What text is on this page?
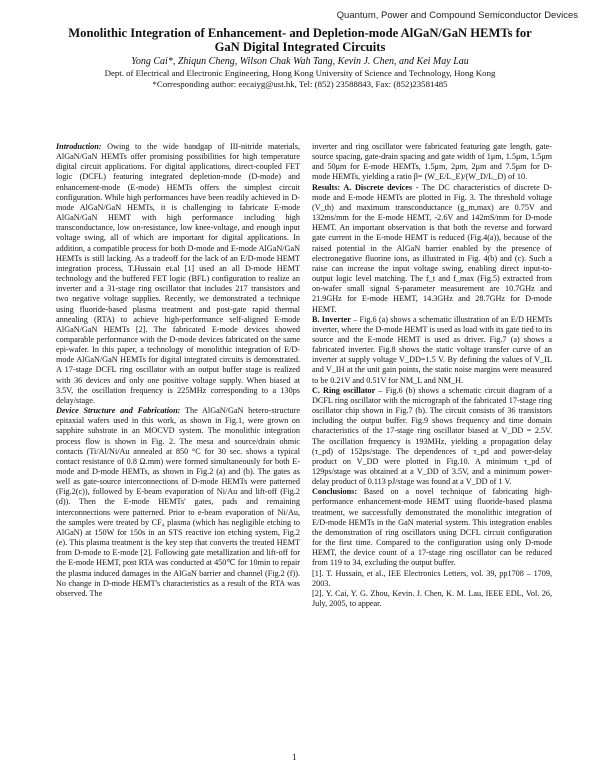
Quantum, Power and Compound Semiconductor Devices
Monolithic Integration of Enhancement- and Depletion-mode AlGaN/GaN HEMTs for
GaN Digital Integrated Circuits
Yong Cai*, Zhiqun Cheng, Wilson Chak Wah Tang, Kevin J. Chen, and Kei May Lau
Dept. of Electrical and Electronic Engineering, Hong Kong University of Science and Technology, Hong Kong
*Corresponding author: eecaiyg@ust.hk, Tel: (852) 23588843, Fax: (852)23581485

Introduction: Owing to the wide bandgap of III-nitride materials, AlGaN/GaN HEMTs offer promising possibilities for high temperature digital circuit applications. For digital applications, direct-coupled FET logic (DCFL) featuring integrated depletion-mode (D-mode) and enhancement-mode (E-mode) HEMTs offers the simplest circuit configuration. While high performances have been readily achieved in D-mode AlGaN/GaN HEMTs, it is challenging to fabricate E-mode AlGaN/GaN HEMT with high performance including high transconductance, low on-resistance, low knee-voltage, and enough input voltage swing, all of which are important for digital applications. In addition, a compatible process for both D-mode and E-mode AlGaN/GaN HEMTs is still lacking. As a tradeoff for the lack of an E/D-mode HEMT integration process, T.Hussain et.al [1] used an all D-mode HEMT technology and the buffered FET logic (BFL) configuration to realize an inverter and a 31-stage ring oscillator that includes 217 transistors and two negative voltage supplies. Recently, we demonstrated a technique using fluoride-based plasma treatment and post-gate rapid thermal annealing (RTA) to achieve high-performance self-aligned E-mode AlGaN/GaN HEMTs [2]. The fabricated E-mode devices showed comparable performance with the D-mode devices fabricated on the same epi-wafer. In this paper, a technology of monolithic integration of E/D-mode AlGaN/GaN HEMTs for digital integrated circuits is demonstrated. A 17-stage DCFL ring oscillator with an output buffer stage is realized with 36 devices and only one positive voltage supply. When biased at 3.5V, the oscillation frequency is 225MHz corresponding to a 130ps delay/stage.

Device Structure and Fabrication: The AlGaN/GaN hetero-structure epitaxial wafers used in this work, as shown in Fig.1, were grown on sapphire substrate in an MOCVD system. The monolithic integration process flow is shown in Fig. 2. The mesa and source/drain ohmic contacts (Ti/Al/Ni/Au annealed at 850 °C for 30 sec. shows a typical contact resistance of 0.8 Ω.mm) were formed simultaneously for both E-mode and D-mode HEMTs, as shown in Fig.2 (a) and (b). The gates as well as gate-source interconnections of D-mode HEMTs were patterned (Fig.2(c)), followed by E-beam evaporation of Ni/Au and lift-off (Fig.2 (d)). Then the E-mode HEMTs' gates, pads and remaining interconnections were patterned. Prior to e-beam evaporation of Ni/Au, the samples were treated by CF₄ plasma (which has negligible etching to AlGaN) at 150W for 150s in an STS reactive ion etching system, Fig.2 (e). This plasma treatment is the key step that converts the treated HEMT from D-mode to E-mode [2]. Following gate metallization and lift-off for the E-mode HEMT, post RTA was conducted at 450℃ for 10min to repair the plasma induced damages in the AlGaN barrier and channel (Fig.2 (f)). No change in D-mode HEMT's characteristics as a result of the RTA was observed. The

inverter and ring oscillator were fabricated featuring gate length, gate-source spacing, gate-drain spacing and gate width of 1μm, 1.5μm, 1.5μm and 50μm for E-mode HEMTs, 1.5μm, 2μm, 2μm and 7.5μm for D-mode HEMTs, yielding a ratio β= (W_E/L_E)/(W_D/L_D) of 10.

Results: A. Discrete devices - The DC characteristics of discrete D-mode and E-mode HEMTs are plotted in Fig. 3. The threshold voltage (V_th) and maximum transconductance (g_m,max) are 0.75V and 132ms/mm for the E-mode HEMT, -2.6V and 142mS/mm for D-mode HEMT. An important observation is that both the reverse and forward gate current in the E-mode HEMT is reduced (Fig.4(a)), because of the raised potential in the AlGaN barrier enabled by the presence of electronegative fluorine ions, as illustrated in Fig. 4(b) and (c). Such a raise can increase the input voltage swing, enabling direct input-to-output logic level matching. The f_t and f_max (Fig.5) extracted from on-wafer small signal S-parameter measurement are 10.7GHz and 21.9GHz for E-mode HEMT, 14.3GHz and 28.7GHz for D-mode HEMT.

B. Inverter – Fig.6 (a) shows a schematic illustration of an E/D HEMTs inverter, where the D-mode HEMT is used as load with its gate tied to its source and the E-mode HEMT is used as driver. Fig.7 (a) shows a fabricated inverter. Fig.8 shows the static voltage transfer curve of an inverter at supply voltage V_DD=1.5 V. By defining the values of V_IL and V_IH at the unit gain points, the static noise margins were measured to be 0.21V and 0.51V for NM_L and NM_H.

C. Ring oscillator – Fig.6 (b) shows a schematic circuit diagram of a DCFL ring oscillator with the micrograph of the fabricated 17-stage ring oscillator chip shown in Fig.7 (b). The circuit consists of 36 transistors including the output buffer. Fig.9 shows frequency and time domain characteristics of the 17-stage ring oscillator biased at V_DD = 2.5V. The oscillation frequency is 193MHz, yielding a propagation delay (τ_pd) of 152ps/stage. The dependences of τ_pd and power-delay product on V_DD were plotted in Fig.10. A minimum τ_pd of 129ps/stage was obtained at a V_DD of 3.5V, and a minimum power-delay product of 0.113 pJ/stage was found at a V_DD of 1 V.

Conclusions: Based on a novel technique of fabricating high-performance enhancement-mode HEMT using fluoride-based plasma treatment, we successfully demonstrated the monolithic integration of E/D-mode HEMTs in the GaN material system. This integration enables the demonstration of ring oscillators using DCFL circuit configuration for the first time. Compared to the configuration using only D-mode HEMT, the device count of a 17-stage ring oscillator can be reduced from 119 to 34, excluding the output buffer.

[1]. T. Hussain, et al., IEE Electronics Letters, vol. 39, pp1708 – 1709, 2003.

[2]. Y. Cai, Y. G. Zhou, Kevin. J. Chen, K. M. Lau, IEEE EDL, Vol. 26, July, 2005, to appear.

1
